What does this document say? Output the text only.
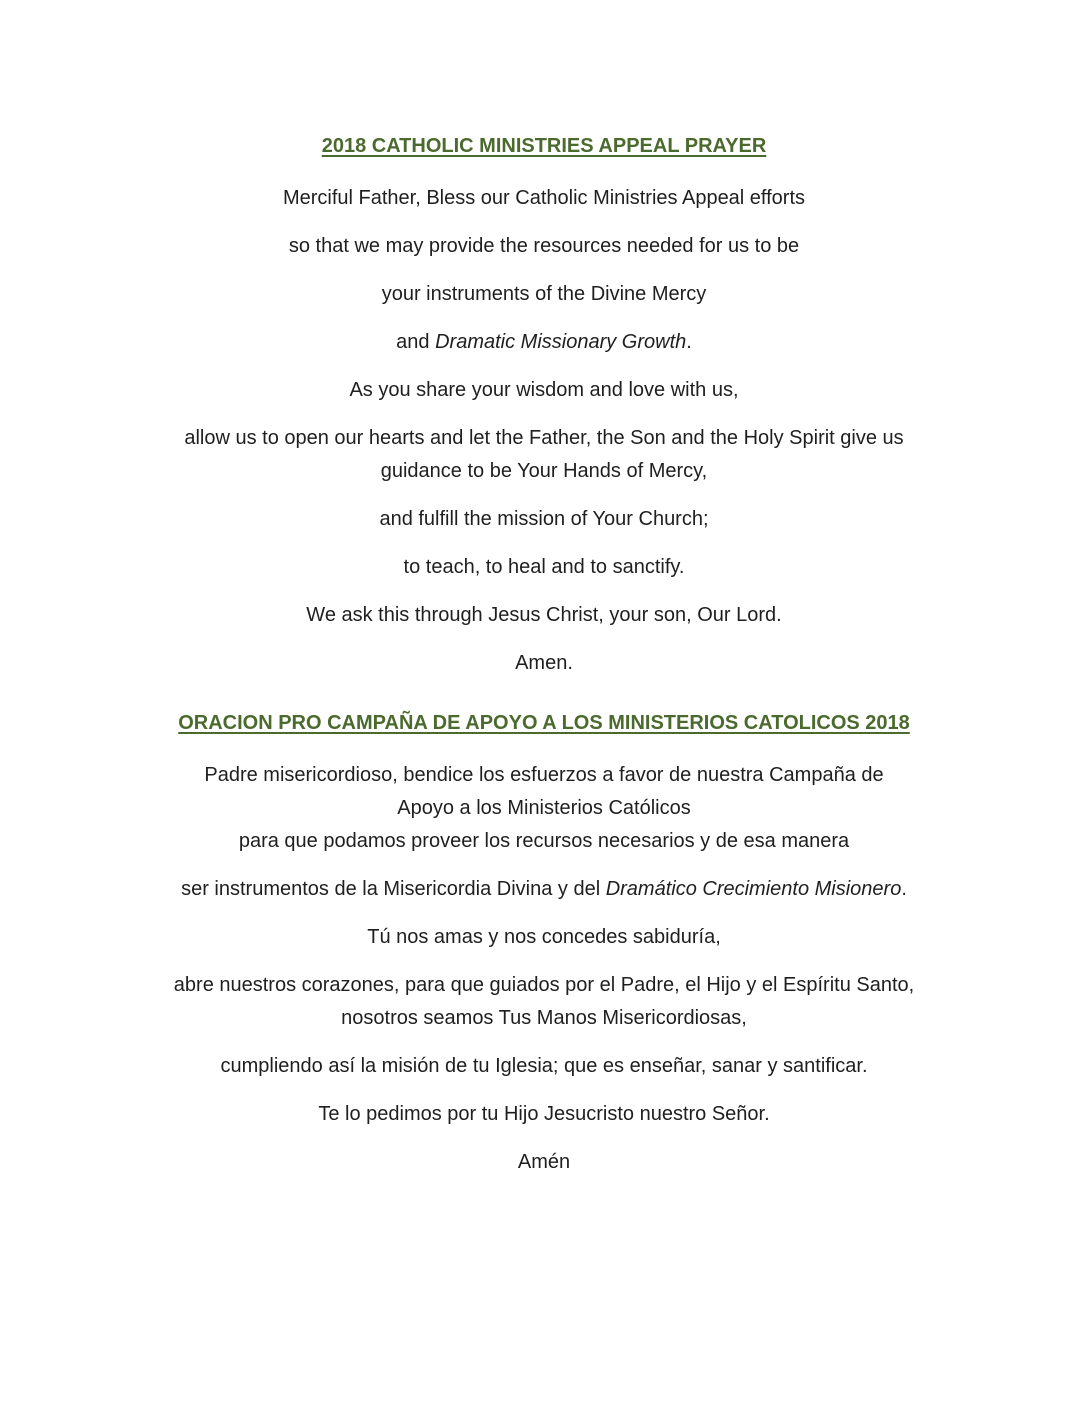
2018 CATHOLIC MINISTRIES APPEAL PRAYER

Merciful Father, Bless our Catholic Ministries Appeal efforts

so that we may provide the resources needed for us to be

your instruments of the Divine Mercy

and Dramatic Missionary Growth.

As you share your wisdom and love with us,

allow us to open our hearts and let the Father, the Son and the Holy Spirit give us
guidance to be Your Hands of Mercy,

and fulfill the mission of Your Church;

to teach, to heal and to sanctify.

We ask this through Jesus Christ, your son, Our Lord.

Amen.

ORACION PRO CAMPAÑA DE APOYO A LOS MINISTERIOS CATOLICOS 2018

Padre misericordioso, bendice los esfuerzos a favor de nuestra Campaña de
Apoyo a los Ministerios Católicos
para que podamos proveer los recursos necesarios y de esa manera

ser instrumentos de la Misericordia Divina y del Dramático Crecimiento Misionero.

Tú nos amas y nos concedes sabiduría,

abre nuestros corazones, para que guiados por el Padre, el Hijo y el Espíritu Santo,
nosotros seamos Tus Manos Misericordiosas,

cumpliendo así la misión de tu Iglesia; que es enseñar, sanar y santificar.

Te lo pedimos por tu Hijo Jesucristo nuestro Señor.

Amén
